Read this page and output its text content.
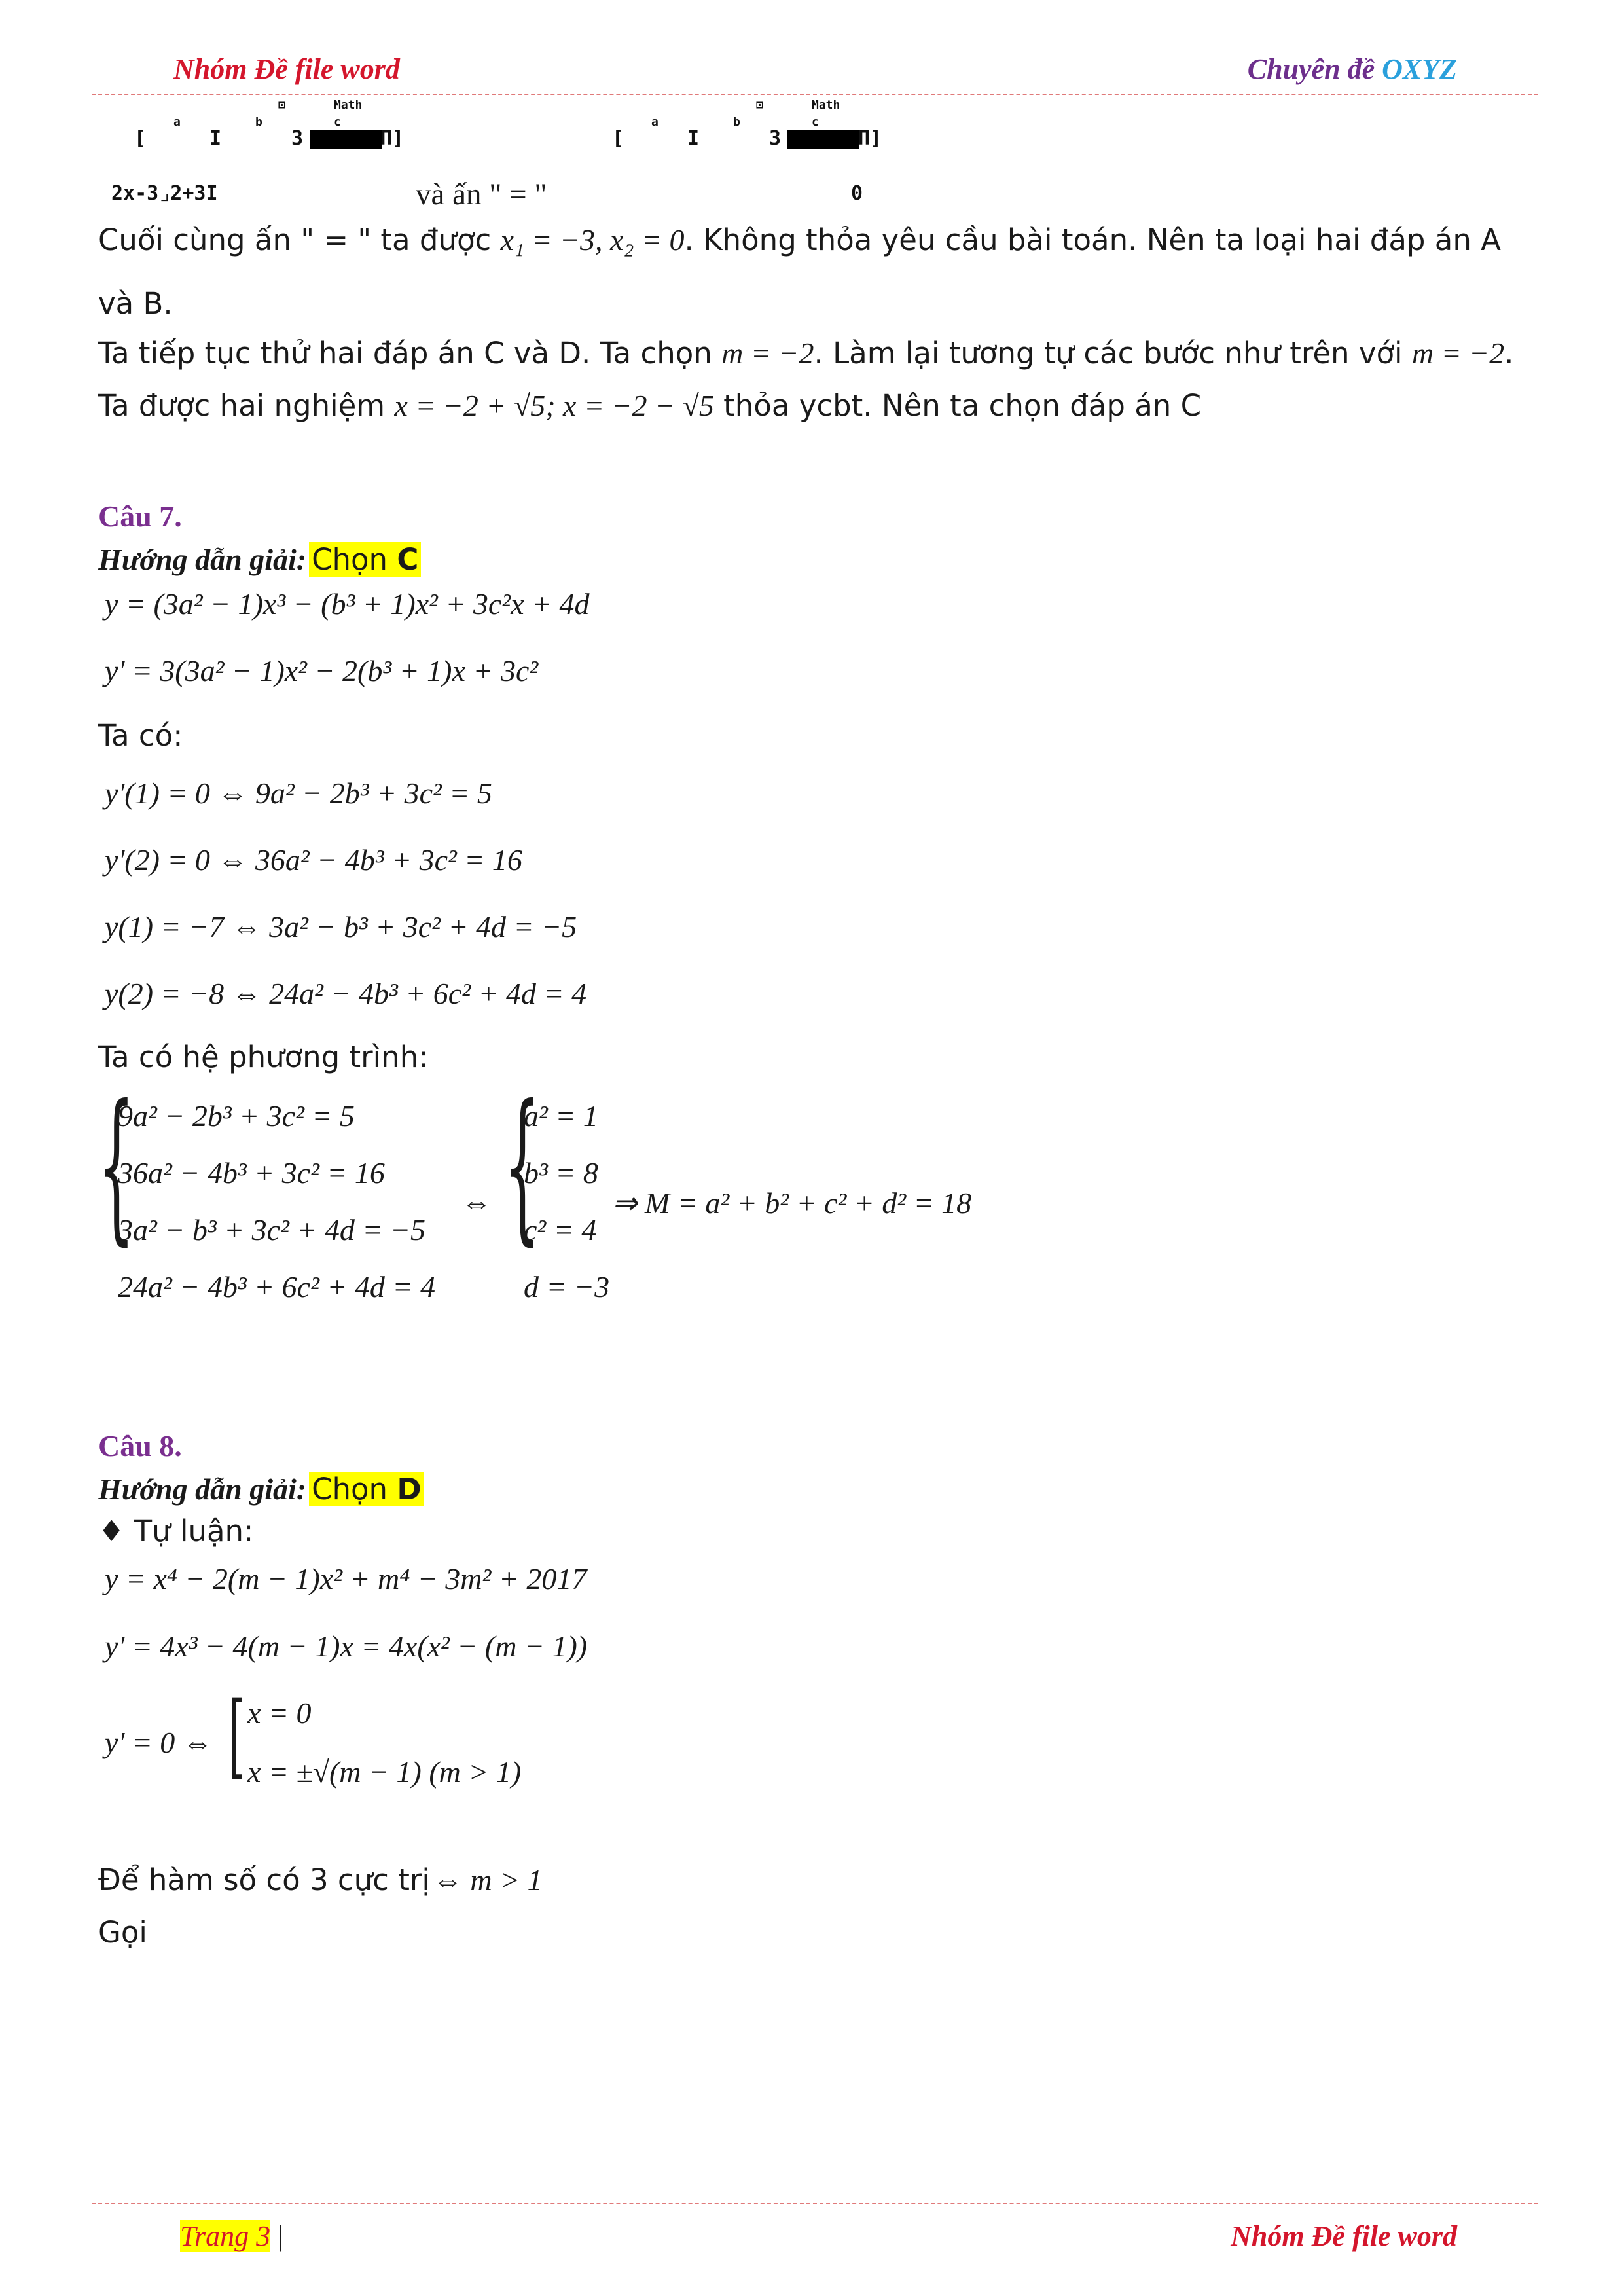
Nhóm Đề file word	Chuyên đề OXYZ
⊡	Math
a	b	c
[	I	3	П]
⊡	Math
a	b	c
[	I	3	П]
2x-3⌟2+3I	và ấn " = "	0
Cuối cùng ấn " = " ta được x₁ = −3, x₂ = 0. Không thỏa yêu cầu bài toán. Nên ta loại hai đáp án A
và B.
Ta tiếp tục thử hai đáp án C và D. Ta chọn m = −2. Làm lại tương tự các bước như trên với m = −2.
Ta được hai nghiệm x = −2 + √5; x = −2 − √5 thỏa ycbt. Nên ta chọn đáp án C
Câu 7.
Hướng dẫn giải: Chọn C
y = (3a² − 1)x³ − (b³ + 1)x² + 3c²x + 4d
y' = 3(3a² − 1)x² − 2(b³ + 1)x + 3c²
Ta có:
y'(1) = 0 ⇔ 9a² − 2b³ + 3c² = 5
y'(2) = 0 ⇔ 36a² − 4b³ + 3c² = 16
y(1) = −7 ⇔ 3a² − b³ + 3c² + 4d = −5
y(2) = −8 ⇔ 24a² − 4b³ + 6c² + 4d = 4
Ta có hệ phương trình:
{
9a² − 2b³ + 3c² = 5
36a² − 4b³ + 3c² = 16
3a² − b³ + 3c² + 4d = −5
24a² − 4b³ + 6c² + 4d = 4
⇔ {
a² = 1
b³ = 8
c² = 4
d = −3
⇒ M = a² + b² + c² + d² = 18
Câu 8.
Hướng dẫn giải: Chọn D
♦ Tự luận:
y = x⁴ − 2(m − 1)x² + m⁴ − 3m² + 2017
y' = 4x³ − 4(m − 1)x = 4x(x² − (m − 1))
y' = 0 ⇔ [ x = 0
x = ±√(m − 1) (m > 1)
Để hàm số có 3 cực trị ⇔ m > 1
Gọi
Trang 3 |	Nhóm Đề file word
